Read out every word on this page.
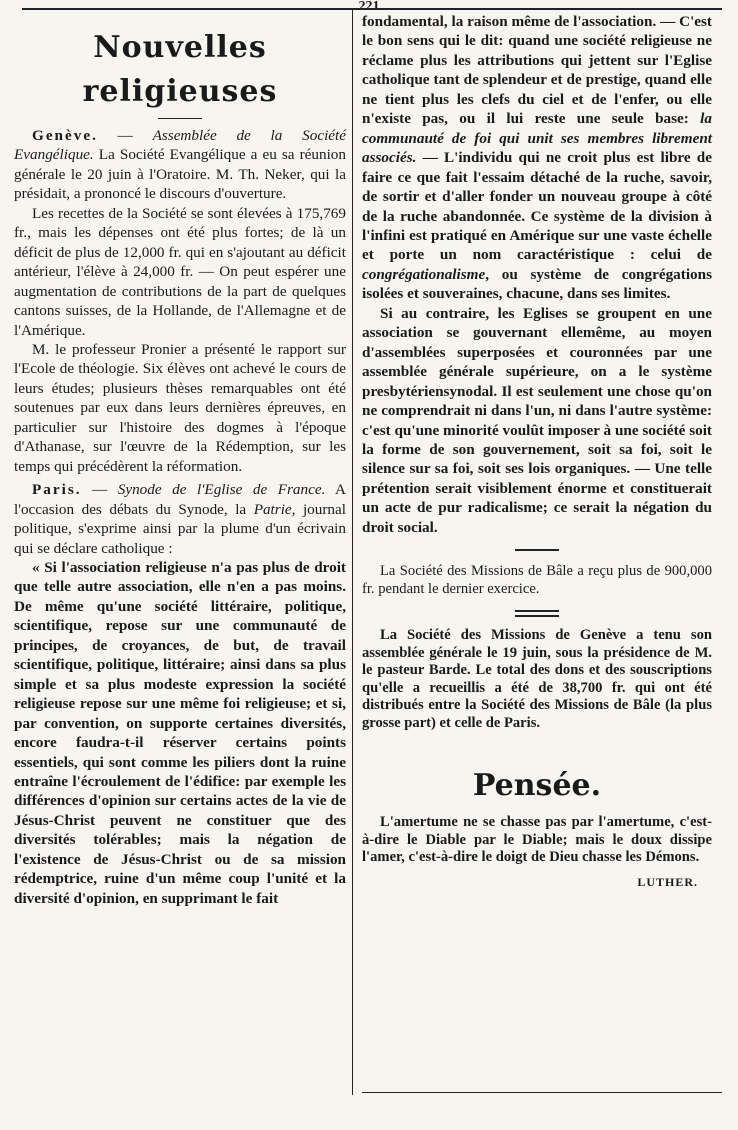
221
Nouvelles religieuses

Genève. — Assemblée de la Société Evangélique. La Société Evangélique a eu sa réunion générale le 20 juin à l'Oratoire. M. Th. Neker, qui la présidait, a prononcé le discours d'ouverture.

Les recettes de la Société se sont élevées à 175,769 fr., mais les dépenses ont été plus fortes; de là un déficit de plus de 12,000 fr. qui en s'ajoutant au déficit antérieur, l'élève à 24,000 fr. — On peut espérer une augmentation de contributions de la part de quelques cantons suisses, de la Hollande, de l'Allemagne et de l'Amérique.

M. le professeur Pronier a présenté le rapport sur l'Ecole de théologie. Six élèves ont achevé le cours de leurs études; plusieurs thèses remarquables ont été soutenues par eux dans leurs dernières épreuves, en particulier sur l'histoire des dogmes à l'époque d'Athanase, sur l'œuvre de la Rédemption, sur les temps qui précédèrent la réformation.

Paris. — Synode de l'Eglise de France. A l'occasion des débats du Synode, la Patrie, journal politique, s'exprime ainsi par la plume d'un écrivain qui se déclare catholique :

« Si l'association religieuse n'a pas plus de droit que telle autre association, elle n'en a pas moins. De même qu'une société littéraire, politique, scientifique, repose sur une communauté de principes, de croyances, de but, de travail scientifique, politique, littéraire; ainsi dans sa plus simple et sa plus modeste expression la société religieuse repose sur une même foi religieuse; et si, par convention, on supporte certaines diversités, encore faudra-t-il réserver certains points essentiels, qui sont comme les piliers dont la ruine entraîne l'écroulement de l'édifice: par exemple les différences d'opinion sur certains actes de la vie de Jésus-Christ peuvent ne constituer que des diversités tolérables; mais la négation de l'existence de Jésus-Christ ou de sa mission rédemptrice, ruine d'un même coup l'unité et la diversité d'opinion, en supprimant le fait

fondamental, la raison même de l'association. — C'est le bon sens qui le dit: quand une société religieuse ne réclame plus les attributions qui jettent sur l'Eglise catholique tant de splendeur et de prestige, quand elle ne tient plus les clefs du ciel et de l'enfer, ou elle n'existe pas, ou il lui reste une seule base: la communauté de foi qui unit ses membres librement associés. — L'individu qui ne croit plus est libre de faire ce que fait l'essaim détaché de la ruche, savoir, de sortir et d'aller fonder un nouveau groupe à côté de la ruche abandonnée. Ce système de la division à l'infini est pratiqué en Amérique sur une vaste échelle et porte un nom caractéristique : celui de congrégationalisme, ou système de congrégations isolées et souveraines, chacune, dans ses limites.

Si au contraire, les Eglises se groupent en une association se gouvernant ellemême, au moyen d'assemblées superposées et couronnées par une assemblée générale supérieure, on a le système presbytériensynodal. Il est seulement une chose qu'on ne comprendrait ni dans l'un, ni dans l'autre système: c'est qu'une minorité voulût imposer à une société soit la forme de son gouvernement, soit sa foi, soit le silence sur sa foi, soit ses lois organiques. — Une telle prétention serait visiblement énorme et constituerait un acte de pur radicalisme; ce serait la négation du droit social.

La Société des Missions de Bâle a reçu plus de 900,000 fr. pendant le dernier exercice.

La Société des Missions de Genève a tenu son assemblée générale le 19 juin, sous la présidence de M. le pasteur Barde. Le total des dons et des souscriptions qu'elle a recueillis a été de 38,700 fr. qui ont été distribués entre la Société des Missions de Bâle (la plus grosse part) et celle de Paris.

Pensée.

L'amertume ne se chasse pas par l'amertume, c'est-à-dire le Diable par le Diable; mais le doux dissipe l'amer, c'est-à-dire le doigt de Dieu chasse les Démons.

LUTHER.
